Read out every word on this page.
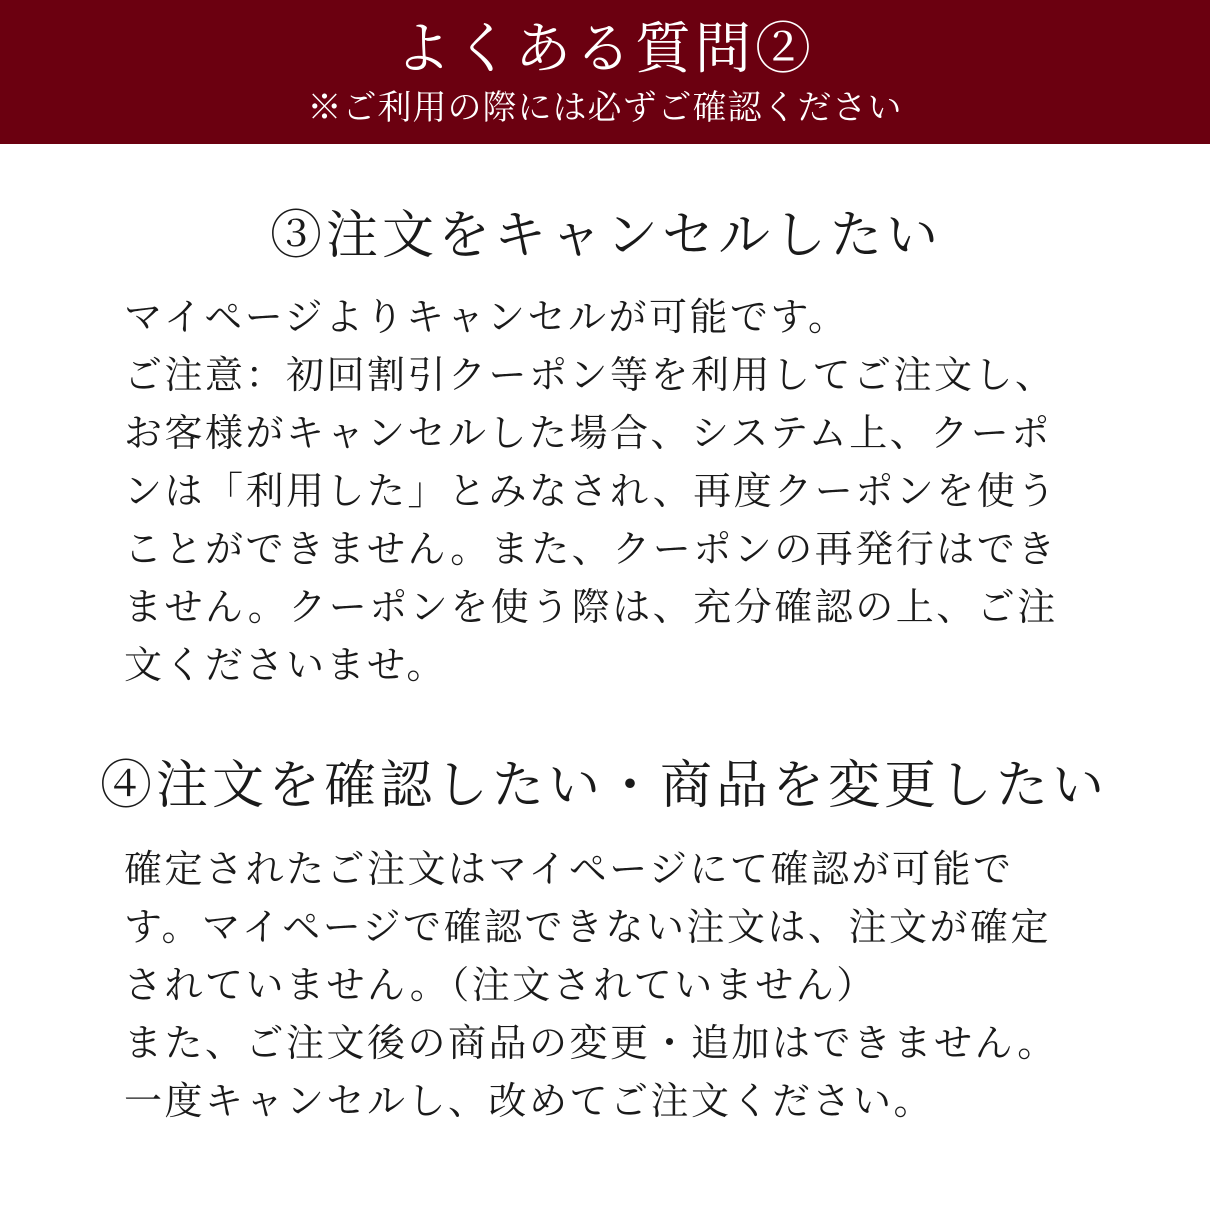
よくある質問②
※ご利用の際には必ずご確認ください
③注文をキャンセルしたい
マイページよりキャンセルが可能です。
ご注意：初回割引クーポン等を利用してご注文し、
お客様がキャンセルした場合、システム上、クーポ
ンは「利用した」とみなされ、再度クーポンを使う
ことができません。また、クーポンの再発行はでき
ません。クーポンを使う際は、充分確認の上、ご注
文くださいませ。
④注文を確認したい・商品を変更したい
確定されたご注文はマイページにて確認が可能で
す。マイページで確認できない注文は、注文が確定
されていません。（注文されていません）
また、ご注文後の商品の変更・追加はできません。
一度キャンセルし、改めてご注文ください。
